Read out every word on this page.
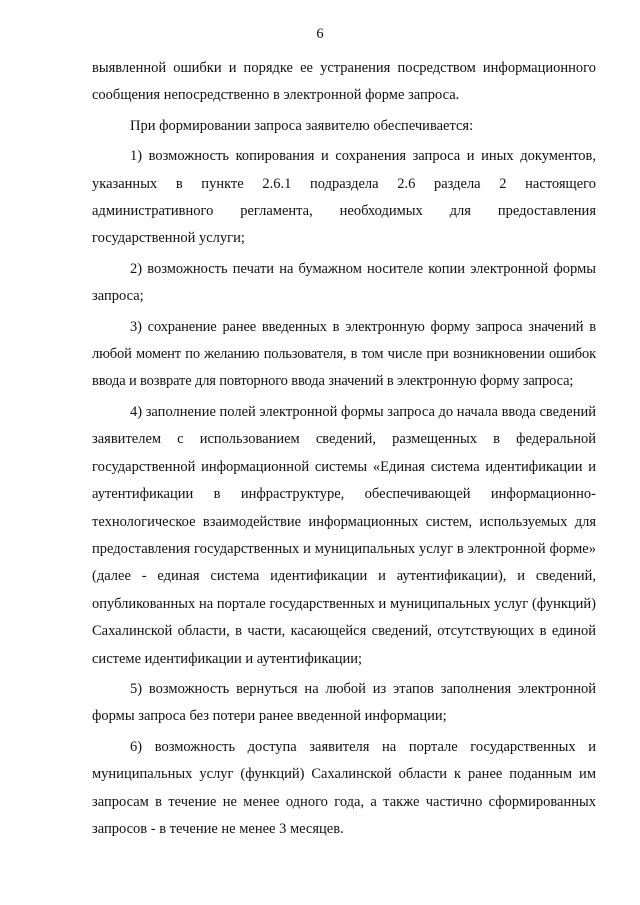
6

выявленной ошибки и порядке ее устранения посредством информационного сообщения непосредственно в электронной форме запроса.

При формировании запроса заявителю обеспечивается:

1) возможность копирования и сохранения запроса и иных документов, указанных в пункте 2.6.1 подраздела 2.6 раздела 2 настоящего административного регламента, необходимых для предоставления государственной услуги;

2) возможность печати на бумажном носителе копии электронной формы запроса;

3) сохранение ранее введенных в электронную форму запроса значений в любой момент по желанию пользователя, в том числе при возникновении ошибок ввода и возврате для повторного ввода значений в электронную форму запроса;

4) заполнение полей электронной формы запроса до начала ввода сведений заявителем с использованием сведений, размещенных в федеральной государственной информационной системы «Единая система идентификации и аутентификации в инфраструктуре, обеспечивающей информационно-технологическое взаимодействие информационных систем, используемых для предоставления государственных и муниципальных услуг в электронной форме» (далее - единая система идентификации и аутентификации), и сведений, опубликованных на портале государственных и муниципальных услуг (функций) Сахалинской области, в части, касающейся сведений, отсутствующих в единой системе идентификации и аутентификации;

5) возможность вернуться на любой из этапов заполнения электронной формы запроса без потери ранее введенной информации;

6) возможность доступа заявителя на портале государственных и муниципальных услуг (функций) Сахалинской области к ранее поданным им запросам в течение не менее одного года, а также частично сформированных запросов - в течение не менее 3 месяцев.
